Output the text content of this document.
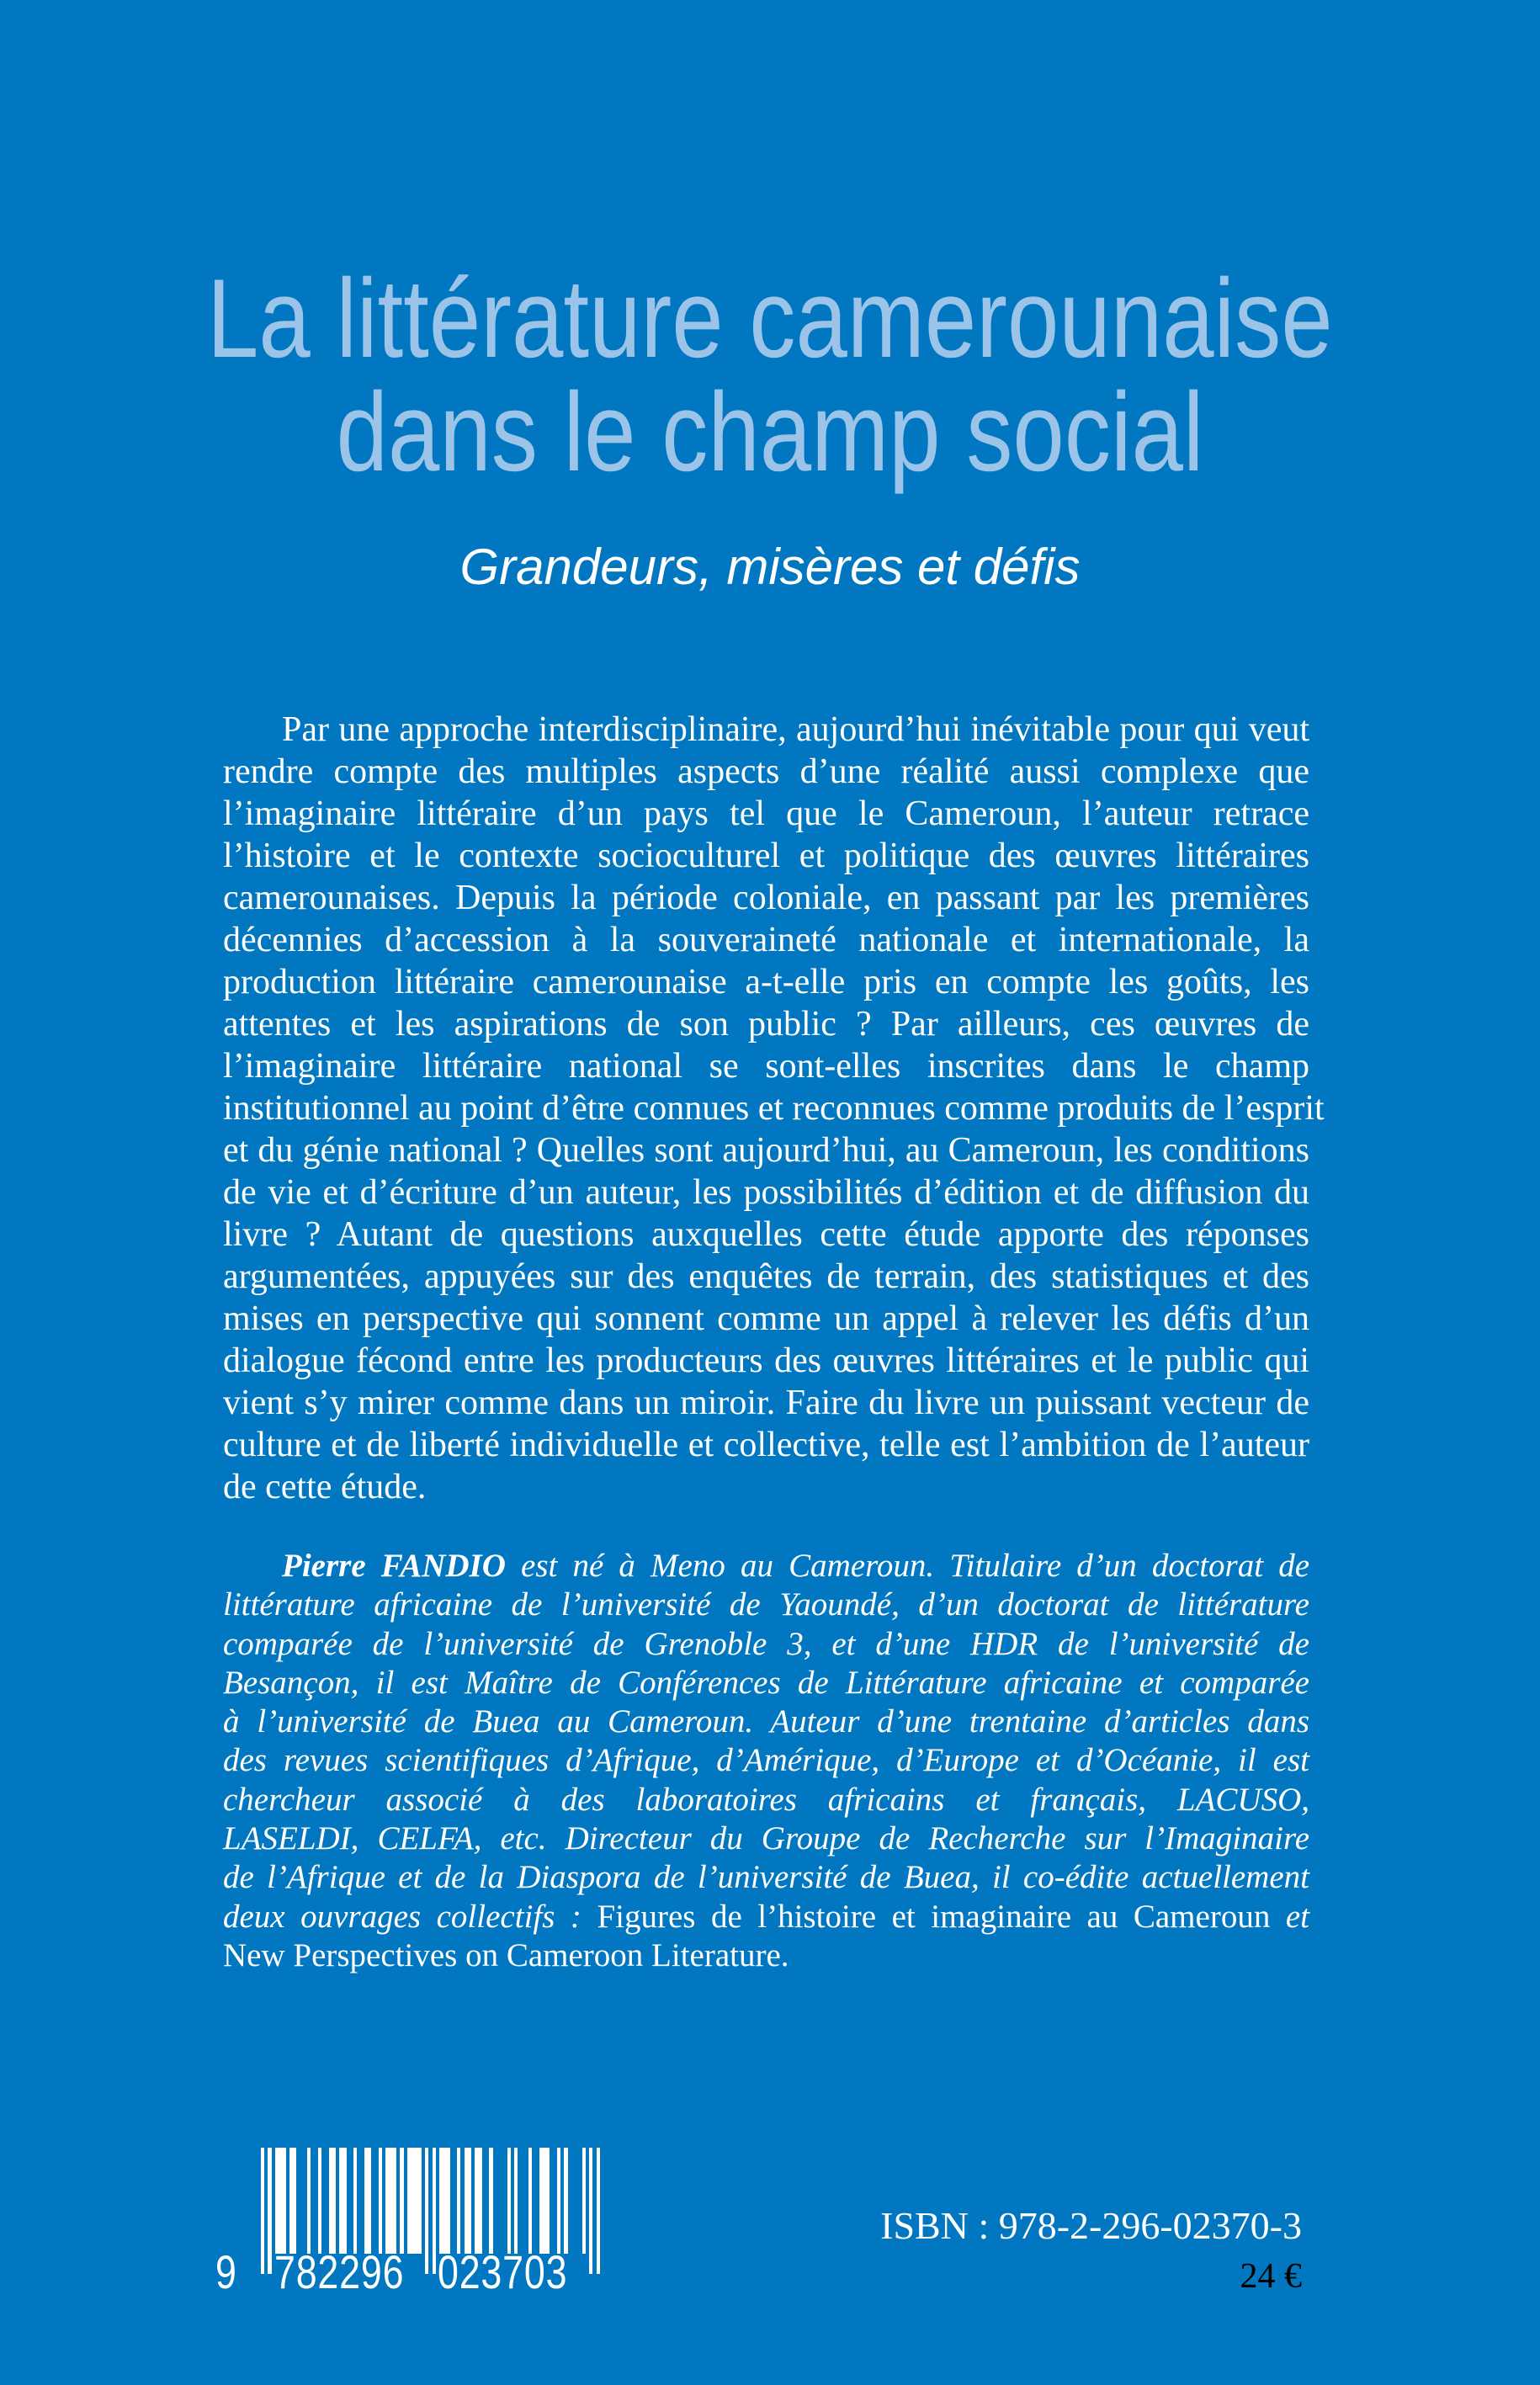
La littérature camerounaise
dans le champ social
Grandeurs, misères et défis
Par une approche interdisciplinaire, aujourd’hui inévitable pour qui veut
rendre compte des multiples aspects d’une réalité aussi complexe que
l’imaginaire littéraire d’un pays tel que le Cameroun, l’auteur retrace
l’histoire et le contexte socioculturel et politique des œuvres littéraires
camerounaises. Depuis la période coloniale, en passant par les premières
décennies d’accession à la souveraineté nationale et internationale, la
production littéraire camerounaise a-t-elle pris en compte les goûts, les
attentes et les aspirations de son public ? Par ailleurs, ces œuvres de
l’imaginaire littéraire national se sont-elles inscrites dans le champ
institutionnel au point d’être connues et reconnues comme produits de l’esprit
et du génie national ? Quelles sont aujourd’hui, au Cameroun, les conditions
de vie et d’écriture d’un auteur, les possibilités d’édition et de diffusion du
livre ? Autant de questions auxquelles cette étude apporte des réponses
argumentées, appuyées sur des enquêtes de terrain, des statistiques et des
mises en perspective qui sonnent comme un appel à relever les défis d’un
dialogue fécond entre les producteurs des œuvres littéraires et le public qui
vient s’y mirer comme dans un miroir. Faire du livre un puissant vecteur de
culture et de liberté individuelle et collective, telle est l’ambition de l’auteur
de cette étude.
Pierre FANDIO est né à Meno au Cameroun. Titulaire d’un doctorat de
littérature africaine de l’université de Yaoundé, d’un doctorat de littérature
comparée de l’université de Grenoble 3, et d’une HDR de l’université de
Besançon, il est Maître de Conférences de Littérature africaine et comparée
à l’université de Buea au Cameroun. Auteur d’une trentaine d’articles dans
des revues scientifiques d’Afrique, d’Amérique, d’Europe et d’Océanie, il est
chercheur associé à des laboratoires africains et français, LACUSO,
LASELDI, CELFA, etc. Directeur du Groupe de Recherche sur l’Imaginaire
de l’Afrique et de la Diaspora de l’université de Buea, il co-édite actuellement
deux ouvrages collectifs : Figures de l’histoire et imaginaire au Cameroun et
New Perspectives on Cameroon Literature.
9 782296 023703
ISBN : 978-2-296-02370-3
24 €
